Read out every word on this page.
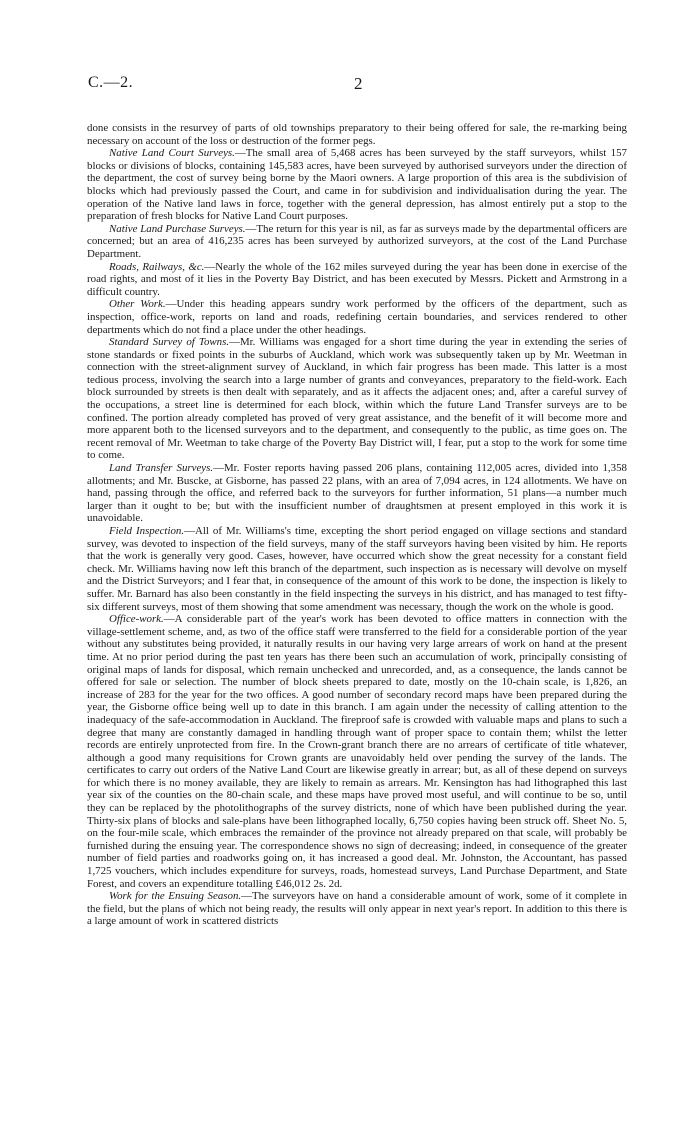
C.—2.	2

done consists in the resurvey of parts of old townships preparatory to their being offered for sale, the re-marking being necessary on account of the loss or destruction of the former pegs.

Native Land Court Surveys.—The small area of 5,468 acres has been surveyed by the staff surveyors, whilst 157 blocks or divisions of blocks, containing 145,583 acres, have been surveyed by authorised surveyors under the direction of the department, the cost of survey being borne by the Maori owners. A large proportion of this area is the subdivision of blocks which had previously passed the Court, and came in for subdivision and individualisation during the year. The operation of the Native land laws in force, together with the general depression, has almost entirely put a stop to the preparation of fresh blocks for Native Land Court purposes.

Native Land Purchase Surveys.—The return for this year is nil, as far as surveys made by the departmental officers are concerned; but an area of 416,235 acres has been surveyed by authorized surveyors, at the cost of the Land Purchase Department.

Roads, Railways, &c.—Nearly the whole of the 162 miles surveyed during the year has been done in exercise of the road rights, and most of it lies in the Poverty Bay District, and has been executed by Messrs. Pickett and Armstrong in a difficult country.

Other Work.—Under this heading appears sundry work performed by the officers of the department, such as inspection, office-work, reports on land and roads, redefining certain boundaries, and services rendered to other departments which do not find a place under the other headings.

Standard Survey of Towns.—Mr. Williams was engaged for a short time during the year in extending the series of stone standards or fixed points in the suburbs of Auckland, which work was subsequently taken up by Mr. Weetman in connection with the street-alignment survey of Auckland, in which fair progress has been made. This latter is a most tedious process, involving the search into a large number of grants and conveyances, preparatory to the field-work. Each block surrounded by streets is then dealt with separately, and as it affects the adjacent ones; and, after a careful survey of the occupations, a street line is determined for each block, within which the future Land Transfer surveys are to be confined. The portion already completed has proved of very great assistance, and the benefit of it will become more and more apparent both to the licensed surveyors and to the department, and consequently to the public, as time goes on. The recent removal of Mr. Weetman to take charge of the Poverty Bay District will, I fear, put a stop to the work for some time to come.

Land Transfer Surveys.—Mr. Foster reports having passed 206 plans, containing 112,005 acres, divided into 1,358 allotments; and Mr. Buscke, at Gisborne, has passed 22 plans, with an area of 7,094 acres, in 124 allotments. We have on hand, passing through the office, and referred back to the surveyors for further information, 51 plans—a number much larger than it ought to be; but with the insufficient number of draughtsmen at present employed in this work it is unavoidable.

Field Inspection.—All of Mr. Williams's time, excepting the short period engaged on village sections and standard survey, was devoted to inspection of the field surveys, many of the staff surveyors having been visited by him. He reports that the work is generally very good. Cases, however, have occurred which show the great necessity for a constant field check. Mr. Williams having now left this branch of the department, such inspection as is necessary will devolve on myself and the District Surveyors; and I fear that, in consequence of the amount of this work to be done, the inspection is likely to suffer. Mr. Barnard has also been constantly in the field inspecting the surveys in his district, and has managed to test fifty-six different surveys, most of them showing that some amendment was necessary, though the work on the whole is good.

Office-work.—A considerable part of the year's work has been devoted to office matters in connection with the village-settlement scheme, and, as two of the office staff were transferred to the field for a considerable portion of the year without any substitutes being provided, it naturally results in our having very large arrears of work on hand at the present time. At no prior period during the past ten years has there been such an accumulation of work, principally consisting of original maps of lands for disposal, which remain unchecked and unrecorded, and, as a consequence, the lands cannot be offered for sale or selection. The number of block sheets prepared to date, mostly on the 10-chain scale, is 1,826, an increase of 283 for the year for the two offices. A good number of secondary record maps have been prepared during the year, the Gisborne office being well up to date in this branch. I am again under the necessity of calling attention to the inadequacy of the safe-accommodation in Auckland. The fireproof safe is crowded with valuable maps and plans to such a degree that many are constantly damaged in handling through want of proper space to contain them; whilst the letter records are entirely unprotected from fire. In the Crown-grant branch there are no arrears of certificate of title whatever, although a good many requisitions for Crown grants are unavoidably held over pending the survey of the lands. The certificates to carry out orders of the Native Land Court are likewise greatly in arrear; but, as all of these depend on surveys for which there is no money available, they are likely to remain as arrears. Mr. Kensington has had lithographed this last year six of the counties on the 80-chain scale, and these maps have proved most useful, and will continue to be so, until they can be replaced by the photolithographs of the survey districts, none of which have been published during the year. Thirty-six plans of blocks and sale-plans have been lithographed locally, 6,750 copies having been struck off. Sheet No. 5, on the four-mile scale, which embraces the remainder of the province not already prepared on that scale, will probably be furnished during the ensuing year. The correspondence shows no sign of decreasing; indeed, in consequence of the greater number of field parties and roadworks going on, it has increased a good deal. Mr. Johnston, the Accountant, has passed 1,725 vouchers, which includes expenditure for surveys, roads, homestead surveys, Land Purchase Department, and State Forest, and covers an expenditure totalling £46,012 2s. 2d.

Work for the Ensuing Season.—The surveyors have on hand a considerable amount of work, some of it complete in the field, but the plans of which not being ready, the results will only appear in next year's report. In addition to this there is a large amount of work in scattered districts
